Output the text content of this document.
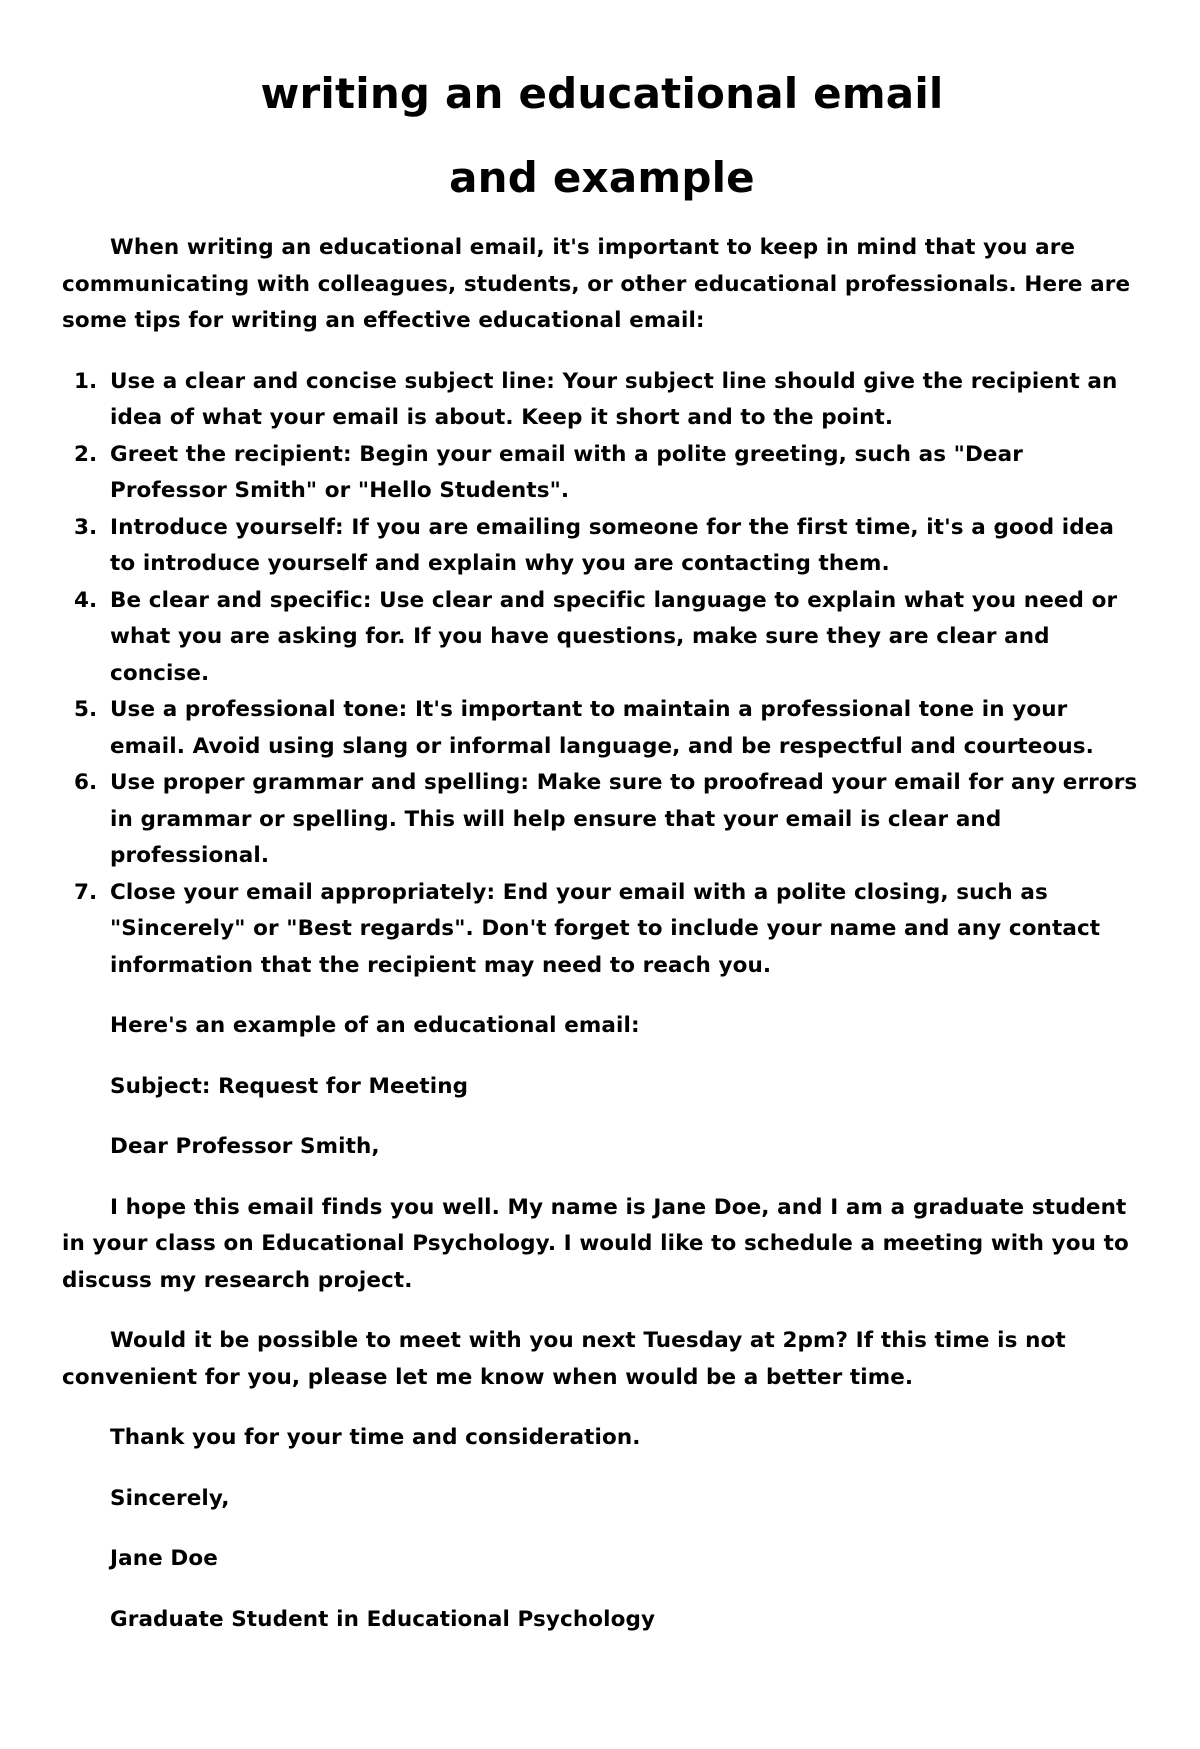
writing an educational email
and example

When writing an educational email, it's important to keep in mind that you are communicating with colleagues, students, or other educational professionals. Here are some tips for writing an effective educational email:

1. Use a clear and concise subject line: Your subject line should give the recipient an idea of what your email is about. Keep it short and to the point.
2. Greet the recipient: Begin your email with a polite greeting, such as "Dear Professor Smith" or "Hello Students".
3. Introduce yourself: If you are emailing someone for the first time, it's a good idea to introduce yourself and explain why you are contacting them.
4. Be clear and specific: Use clear and specific language to explain what you need or what you are asking for. If you have questions, make sure they are clear and concise.
5. Use a professional tone: It's important to maintain a professional tone in your email. Avoid using slang or informal language, and be respectful and courteous.
6. Use proper grammar and spelling: Make sure to proofread your email for any errors in grammar or spelling. This will help ensure that your email is clear and professional.
7. Close your email appropriately: End your email with a polite closing, such as "Sincerely" or "Best regards". Don't forget to include your name and any contact information that the recipient may need to reach you.

Here's an example of an educational email:

Subject: Request for Meeting

Dear Professor Smith,

I hope this email finds you well. My name is Jane Doe, and I am a graduate student in your class on Educational Psychology. I would like to schedule a meeting with you to discuss my research project.

Would it be possible to meet with you next Tuesday at 2pm? If this time is not convenient for you, please let me know when would be a better time.

Thank you for your time and consideration.

Sincerely,

Jane Doe

Graduate Student in Educational Psychology
